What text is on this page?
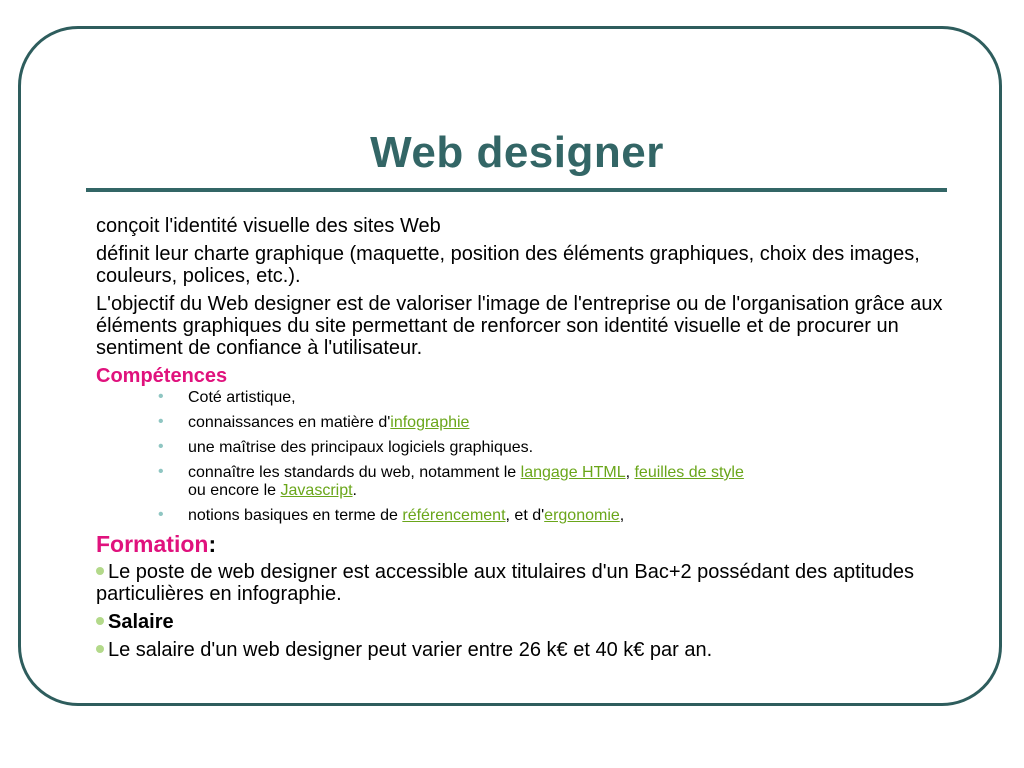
Web designer

conçoit l'identité visuelle des sites Web

définit leur charte graphique (maquette, position des éléments graphiques, choix des images, couleurs, polices, etc.).

L'objectif du Web designer est de valoriser l'image de l'entreprise ou de l'organisation grâce aux éléments graphiques du site permettant de renforcer son identité visuelle et de procurer un sentiment de confiance à l'utilisateur.

Compétences
• Coté artistique,
• connaissances en matière d'infographie
• une maîtrise des principaux logiciels graphiques.
• connaître les standards du web, notamment le langage HTML, feuilles de style
ou encore le Javascript.
• notions basiques en terme de référencement, et d'ergonomie,
Formation:

Le poste de web designer est accessible aux titulaires d'un Bac+2 possédant des aptitudes particulières en infographie.

Salaire

Le salaire d'un web designer peut varier entre 26 k€ et 40 k€ par an.
